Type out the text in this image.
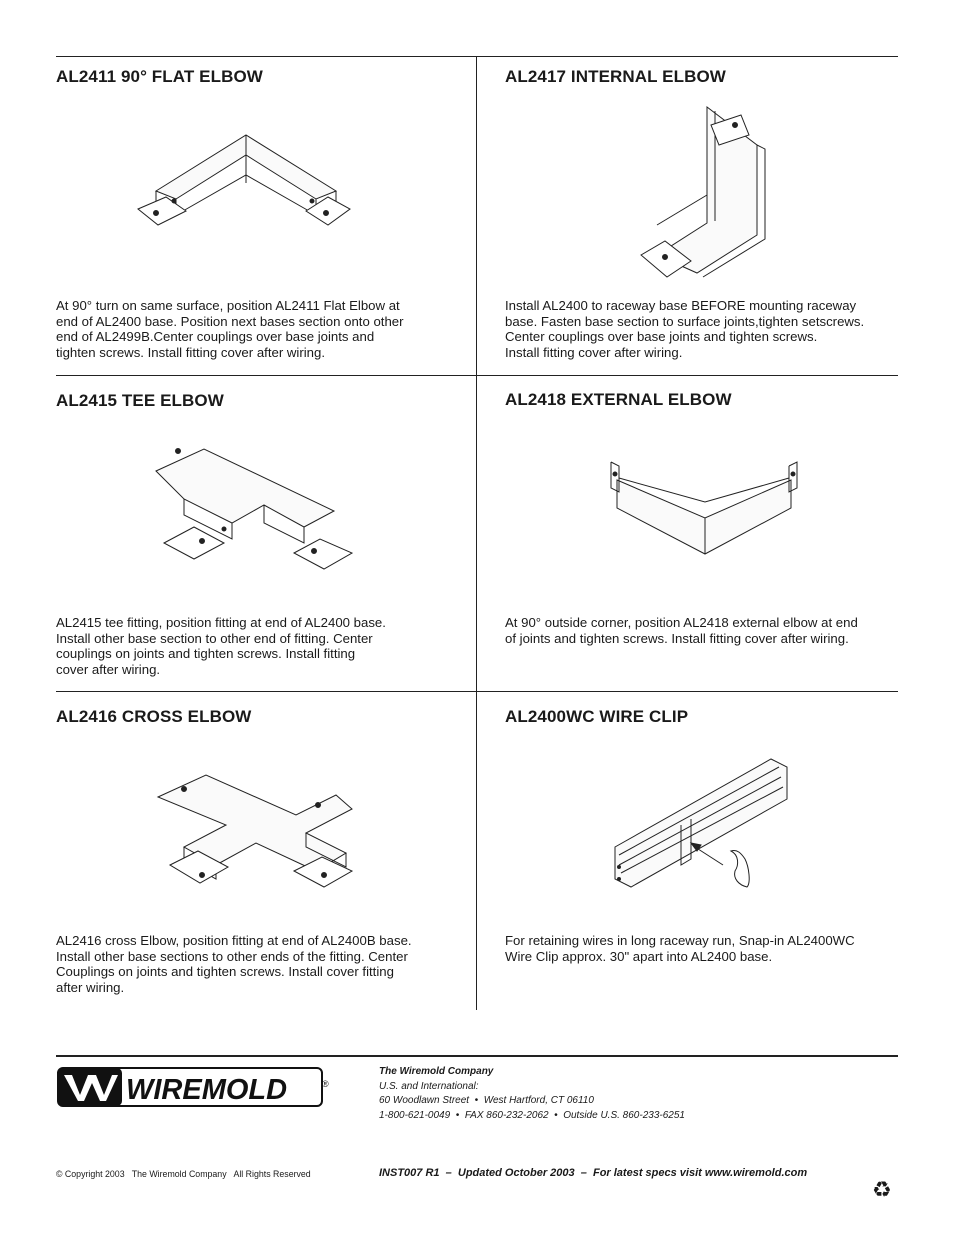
AL2411 90° FLAT ELBOW

At 90° turn on same surface, position AL2411 Flat Elbow at
end of AL2400 base. Position next bases section onto other
end of AL2499B.Center couplings over base joints and
tighten screws. Install fitting cover after wiring.

AL2417 INTERNAL ELBOW

Install AL2400 to raceway base BEFORE mounting raceway
base. Fasten base section to surface joints,tighten setscrews.
Center couplings over base joints and tighten screws.
Install fitting cover after wiring.

AL2415 TEE ELBOW

AL2415 tee fitting, position fitting at end of AL2400 base.
Install other base section to other end of fitting. Center
couplings on joints and tighten screws. Install fitting
cover after wiring.

AL2418 EXTERNAL ELBOW

At 90° outside corner, position AL2418 external elbow at end
of joints and tighten screws. Install fitting cover after wiring.

AL2416 CROSS ELBOW

AL2416 cross Elbow, position fitting at end of AL2400B base.
Install other base sections to other ends of the fitting. Center
Couplings on joints and tighten screws. Install cover fitting
after wiring.

AL2400WC WIRE CLIP

For retaining wires in long raceway run, Snap-in AL2400WC
Wire Clip approx. 30" apart into AL2400 base.

WIREMOLD	®
The Wiremold Company
U.S. and International:
60 Woodlawn Street • West Hartford, CT 06110
1-800-621-0049 • FAX 860-232-2062 • Outside U.S. 860-233-6251
© Copyright 2003   The Wiremold Company   All Rights Reserved	INST007 R1  –  Updated October 2003  –  For latest specs visit www.wiremold.com
♻
